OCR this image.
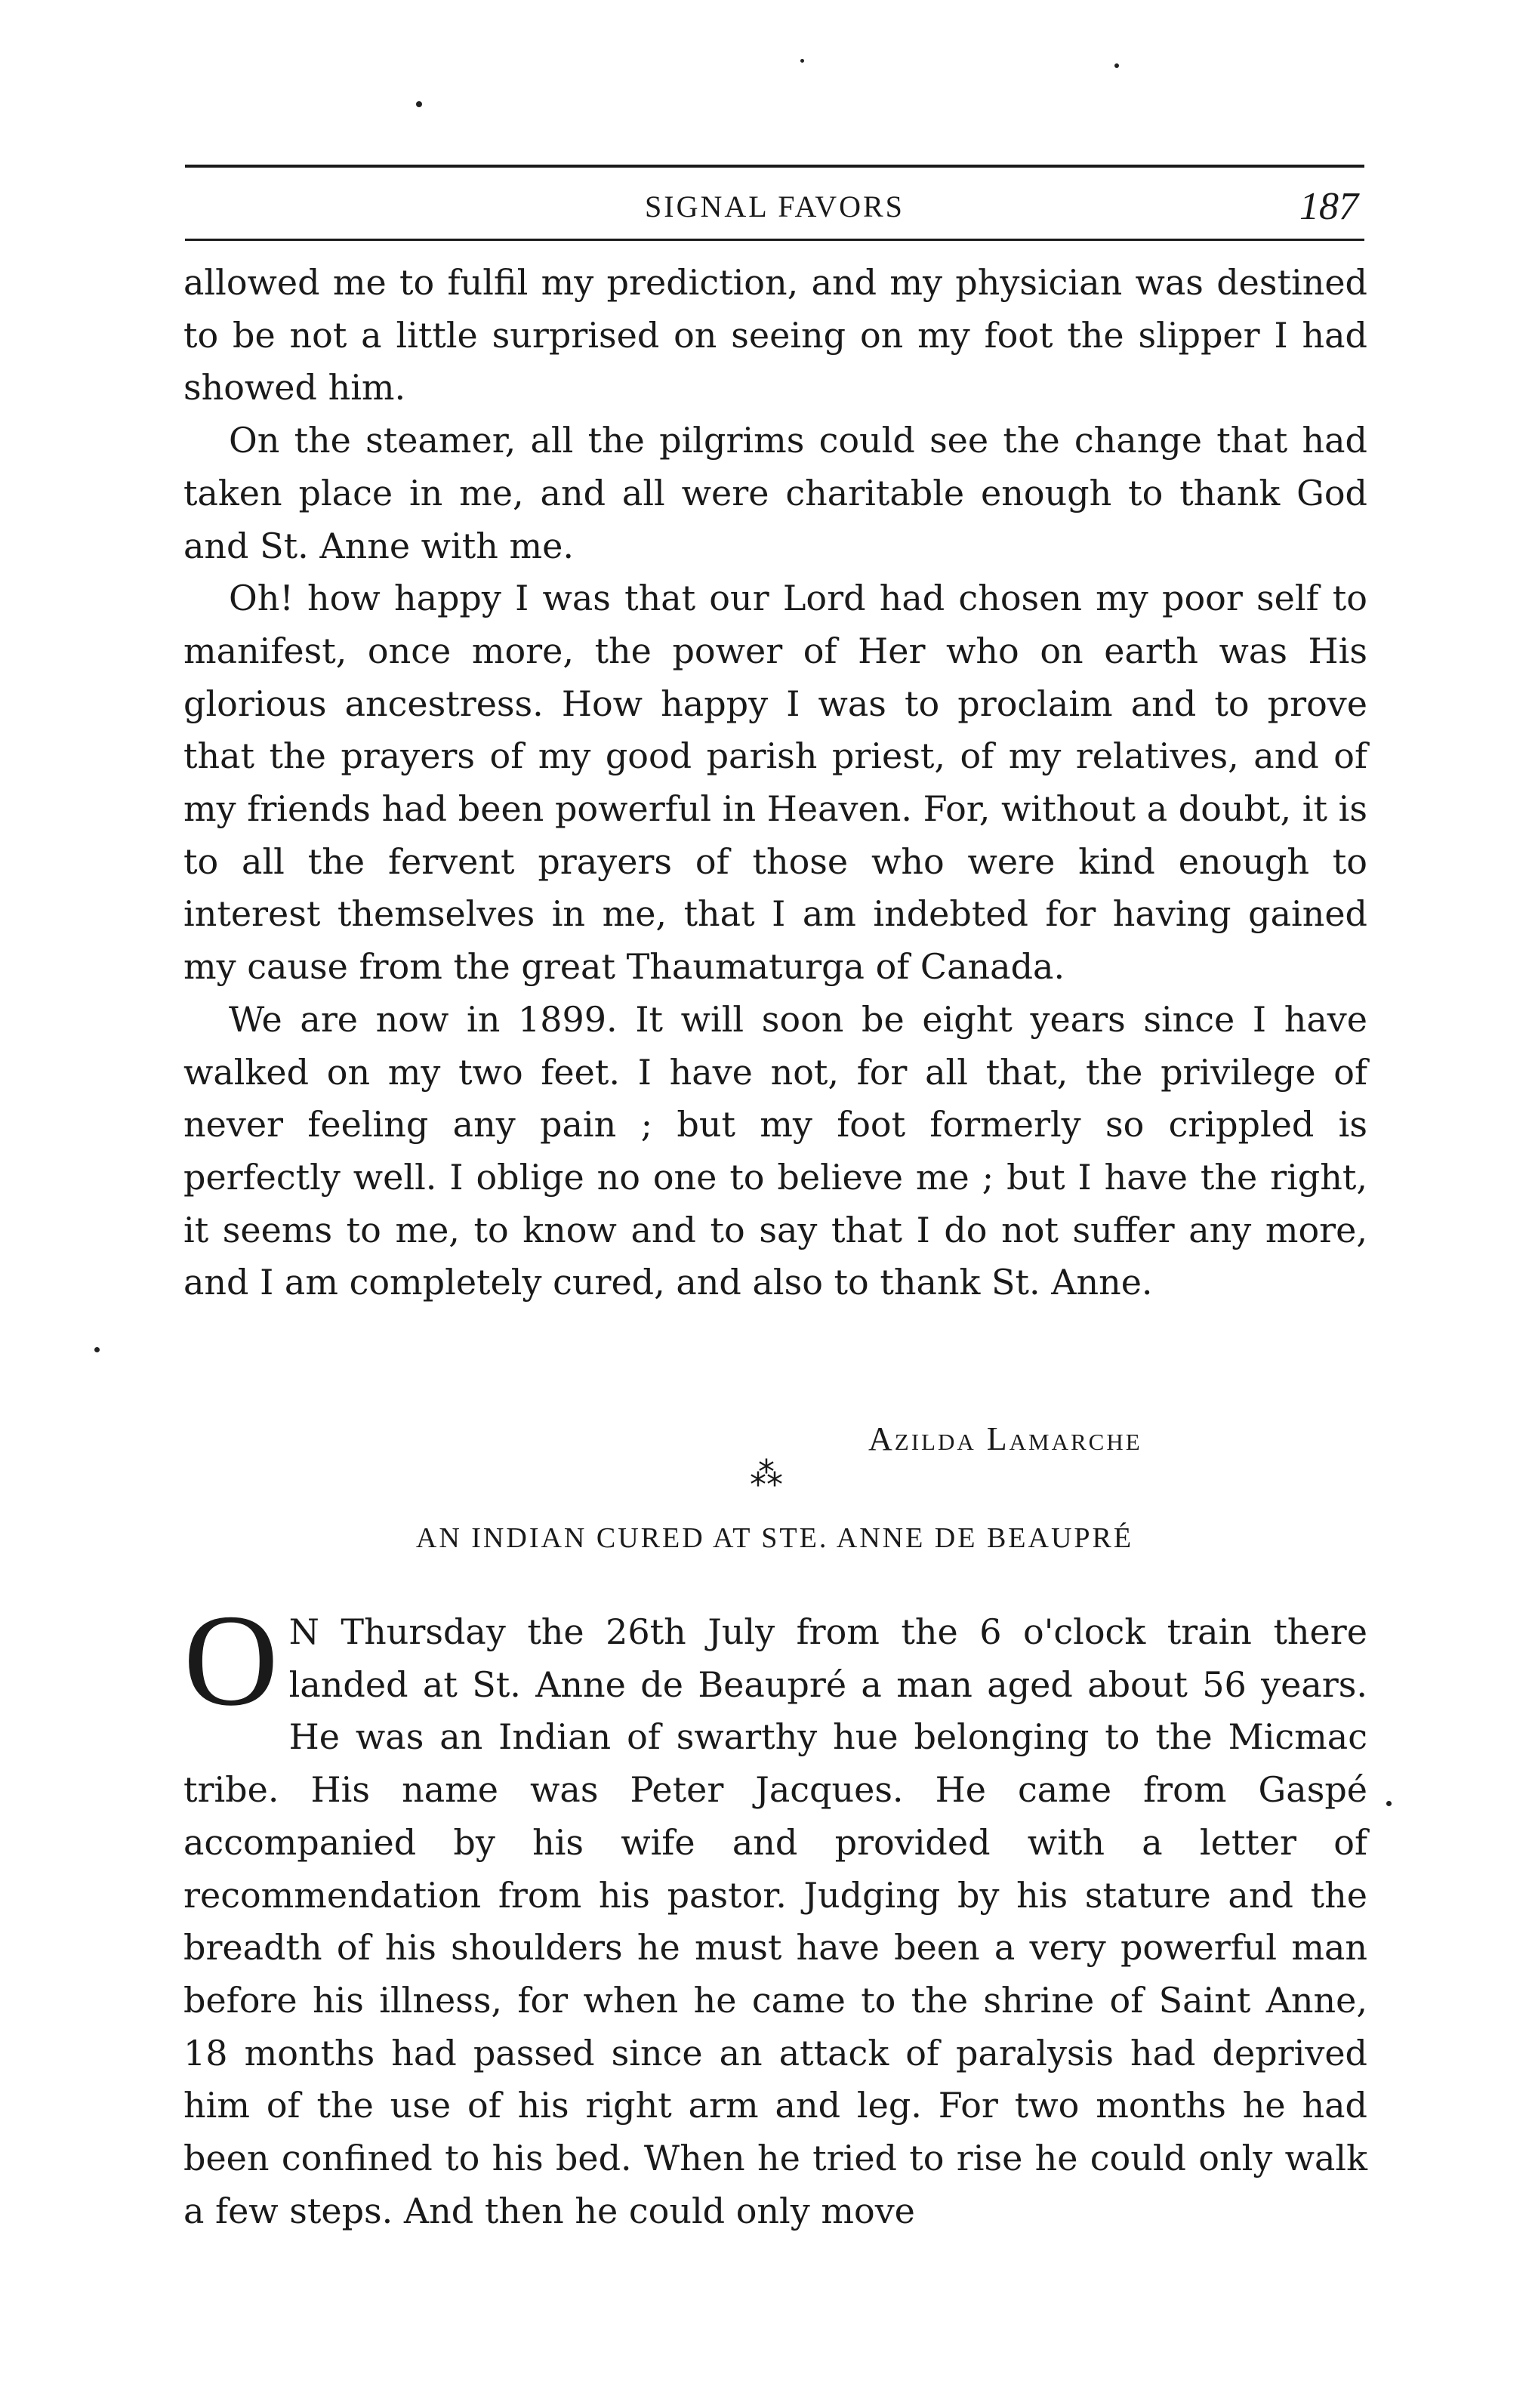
SIGNAL FAVORS	187

allowed me to fulfil my prediction, and my physician was destined to be not a little surprised on seeing on my foot the slipper I had showed him.

On the steamer, all the pilgrims could see the change that had taken place in me, and all were charitable enough to thank God and St. Anne with me.

Oh! how happy I was that our Lord had chosen my poor self to manifest, once more, the power of Her who on earth was His glorious ancestress. How happy I was to proclaim and to prove that the prayers of my good parish priest, of my relatives, and of my friends had been powerful in Heaven. For, without a doubt, it is to all the fervent prayers of those who were kind enough to interest themselves in me, that I am indebted for having gained my cause from the great Thaumaturga of Canada.

We are now in 1899. It will soon be eight years since I have walked on my two feet. I have not, for all that, the privilege of never feeling any pain ; but my foot formerly so crippled is perfectly well. I oblige no one to believe me ; but I have the right, it seems to me, to know and to say that I do not suffer any more, and I am completely cured, and also to thank St. Anne.

Azilda Lamarche
⁂
AN INDIAN CURED AT STE. ANNE DE BEAUPRÉ

O N Thursday the 26th July from the 6 o'clock train there landed at St. Anne de Beaupré a man aged about 56 years. He was an Indian of swarthy hue belonging to the Micmac tribe. His name was Peter Jacques. He came from Gaspé accompanied by his wife and provided with a letter of recommendation from his pastor. Judging by his stature and the breadth of his shoulders he must have been a very powerful man before his illness, for when he came to the shrine of Saint Anne, 18 months had passed since an attack of paralysis had deprived him of the use of his right arm and leg. For two months he had been confined to his bed. When he tried to rise he could only walk a few steps. And then he could only move
